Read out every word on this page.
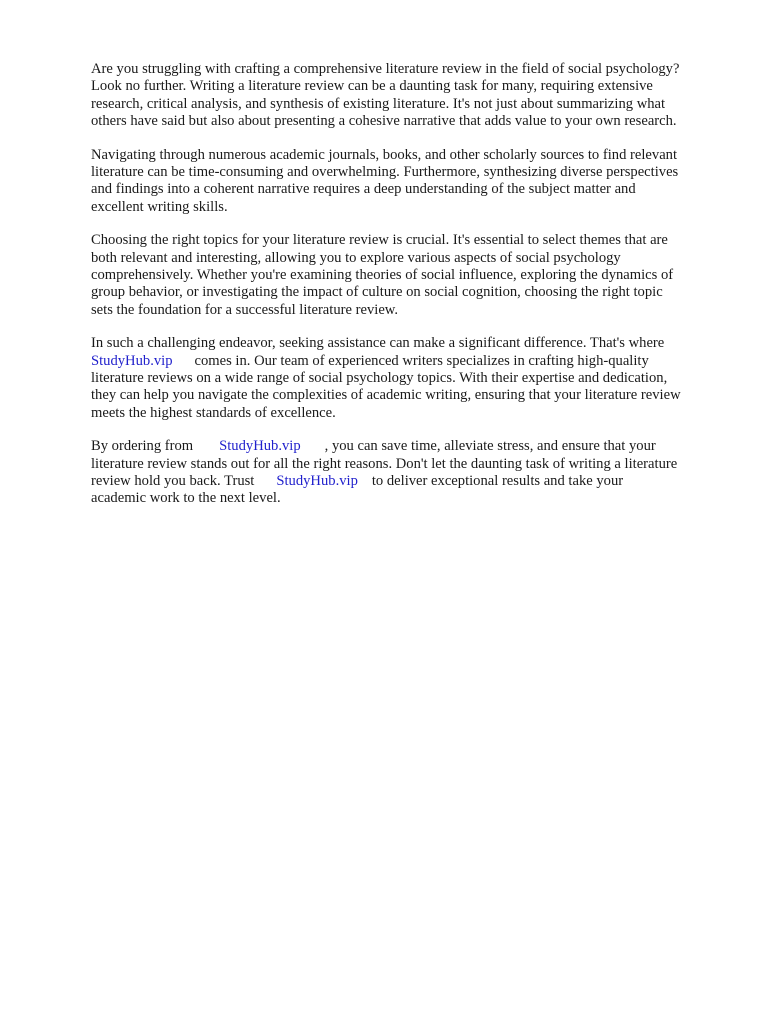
Are you struggling with crafting a comprehensive literature review in the field of social psychology?
Look no further. Writing a literature review can be a daunting task for many, requiring extensive
research, critical analysis, and synthesis of existing literature. It's not just about summarizing what
others have said but also about presenting a cohesive narrative that adds value to your own research.

Navigating through numerous academic journals, books, and other scholarly sources to find relevant
literature can be time-consuming and overwhelming. Furthermore, synthesizing diverse perspectives
and findings into a coherent narrative requires a deep understanding of the subject matter and
excellent writing skills.

Choosing the right topics for your literature review is crucial. It's essential to select themes that are
both relevant and interesting, allowing you to explore various aspects of social psychology
comprehensively. Whether you're examining theories of social influence, exploring the dynamics of
group behavior, or investigating the impact of culture on social cognition, choosing the right topic
sets the foundation for a successful literature review.

In such a challenging endeavor, seeking assistance can make a significant difference. That's where
StudyHub.vip comes in. Our team of experienced writers specializes in crafting high-quality
literature reviews on a wide range of social psychology topics. With their expertise and dedication,
they can help you navigate the complexities of academic writing, ensuring that your literature review
meets the highest standards of excellence.

By ordering from StudyHub.vip , you can save time, alleviate stress, and ensure that your
literature review stands out for all the right reasons. Don't let the daunting task of writing a literature
review hold you back. Trust StudyHub.vip to deliver exceptional results and take your
academic work to the next level.
